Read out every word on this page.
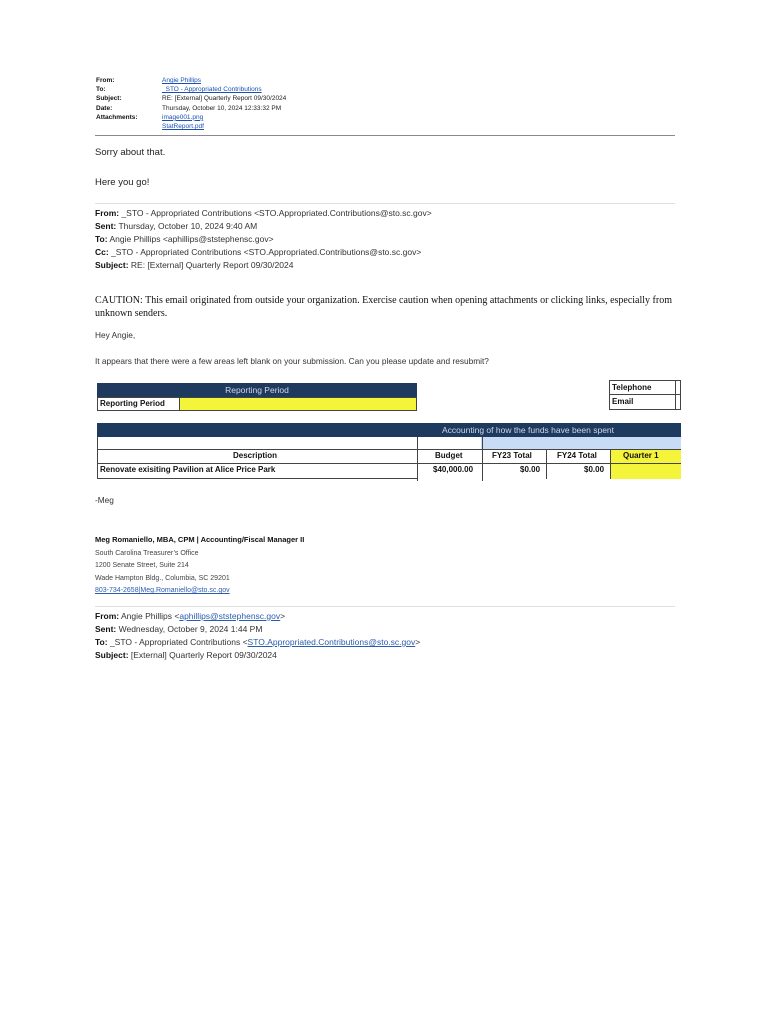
From:	Angie Phillips
To:	_STO - Appropriated Contributions
Subject:	RE: [External] Quarterly Report 09/30/2024
Date:	Thursday, October 10, 2024 12:33:32 PM
Attachments:	image001.png
StatReport.pdf
Sorry about that.
Here you go!
From: _STO - Appropriated Contributions <STO.Appropriated.Contributions@sto.sc.gov>
Sent: Thursday, October 10, 2024 9:40 AM
To: Angie Phillips <aphillips@ststephensc.gov>
Cc: _STO - Appropriated Contributions <STO.Appropriated.Contributions@sto.sc.gov>
Subject: RE: [External] Quarterly Report 09/30/2024
CAUTION: This email originated from outside your organization. Exercise caution when opening attachments or clicking links, especially from unknown senders.
Hey Angie,
It appears that there were a few areas left blank on your submission. Can you please update and resubmit?
Reporting Period
Reporting Period
Telephone
Email
Accounting of how the funds have been spent
Description	Budget	FY23 Total	FY24 Total	Quarter 1
Renovate exisiting Pavilion at Alice Price Park	$40,000.00	$0.00	$0.00
-Meg
Meg Romaniello, MBA, CPM | Accounting/Fiscal Manager II
South Carolina Treasurer’s Office
1200 Senate Street, Suite 214
Wade Hampton Bldg., Columbia, SC 29201
803-734-2658|Meg.Romaniello@sto.sc.gov
From: Angie Phillips <aphillips@ststephensc.gov>
Sent: Wednesday, October 9, 2024 1:44 PM
To: _STO - Appropriated Contributions <STO.Appropriated.Contributions@sto.sc.gov>
Subject: [External] Quarterly Report 09/30/2024
